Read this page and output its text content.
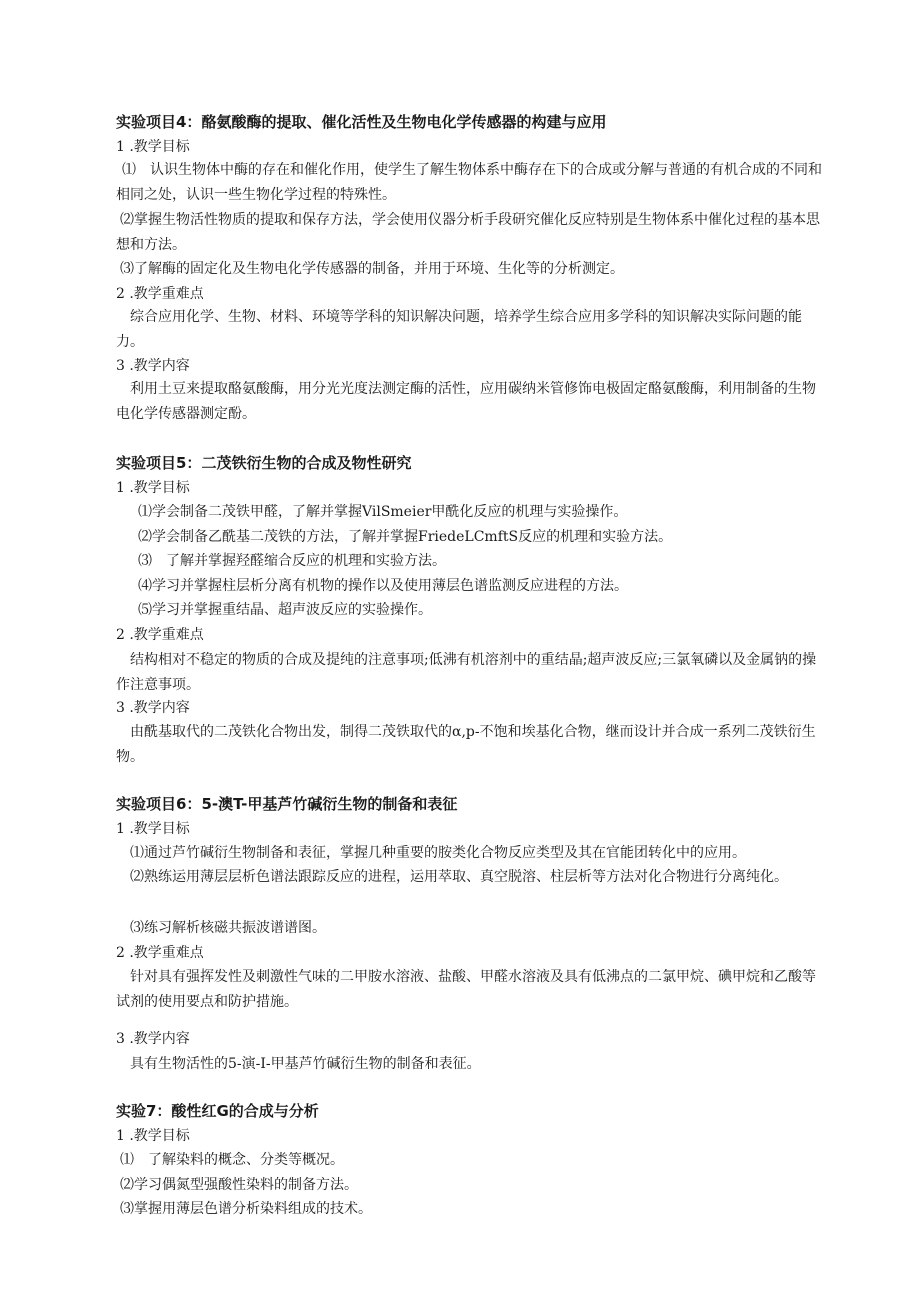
实验项目4：酪氨酸酶的提取、催化活性及生物电化学传感器的构建与应用
1 .教学目标
⑴　认识生物体中酶的存在和催化作用，使学生了解生物体系中酶存在下的合成或分解与普通的有机合成的不同和相同之处，认识一些生物化学过程的特殊性。
⑵掌握生物活性物质的提取和保存方法，学会使用仪器分析手段研究催化反应特别是生物体系中催化过程的基本思想和方法。
⑶了解酶的固定化及生物电化学传感器的制备，并用于环境、生化等的分析测定。
2 .教学重难点
综合应用化学、生物、材料、环境等学科的知识解决问题，培养学生综合应用多学科的知识解决实际问题的能力。
3 .教学内容
利用土豆来提取酪氨酸酶，用分光光度法测定酶的活性，应用碳纳米管修饰电极固定酪氨酸酶，利用制备的生物电化学传感器测定酚。
实验项目5：二茂铁衍生物的合成及物性研究
1 .教学目标
⑴学会制备二茂铁甲醛，了解并掌握VilSmeier甲酰化反应的机理与实验操作。
⑵学会制备乙酰基二茂铁的方法，了解并掌握FriedeLCmftS反应的机理和实验方法。
⑶　了解并掌握羟醛缩合反应的机理和实验方法。
⑷学习并掌握柱层析分离有机物的操作以及使用薄层色谱监测反应进程的方法。
⑸学习并掌握重结晶、超声波反应的实验操作。
2 .教学重难点
结构相对不稳定的物质的合成及提纯的注意事项;低沸有机溶剂中的重结晶;超声波反应;三氯氧磷以及金属钠的操作注意事项。
3 .教学内容
由酰基取代的二茂铁化合物出发，制得二茂铁取代的α,p-不饱和埃基化合物，继而设计并合成一系列二茂铁衍生物。
实验项目6：5-澳T-甲基芦竹碱衍生物的制备和表征
1 .教学目标
⑴通过芦竹碱衍生物制备和表征，掌握几种重要的胺类化合物反应类型及其在官能团转化中的应用。
⑵熟练运用薄层层析色谱法跟踪反应的进程，运用萃取、真空脱溶、柱层析等方法对化合物进行分离纯化。
⑶练习解析核磁共振波谱谱图。
2 .教学重难点
针对具有强挥发性及刺激性气味的二甲胺水溶液、盐酸、甲醛水溶液及具有低沸点的二氯甲烷、碘甲烷和乙酸等试剂的使用要点和防护措施。
3 .教学内容
具有生物活性的5-演-I-甲基芦竹碱衍生物的制备和表征。
实验7：酸性红G的合成与分析
1 .教学目标
⑴　了解染料的概念、分类等概况。
⑵学习偶氮型强酸性染料的制备方法。
⑶掌握用薄层色谱分析染料组成的技术。
